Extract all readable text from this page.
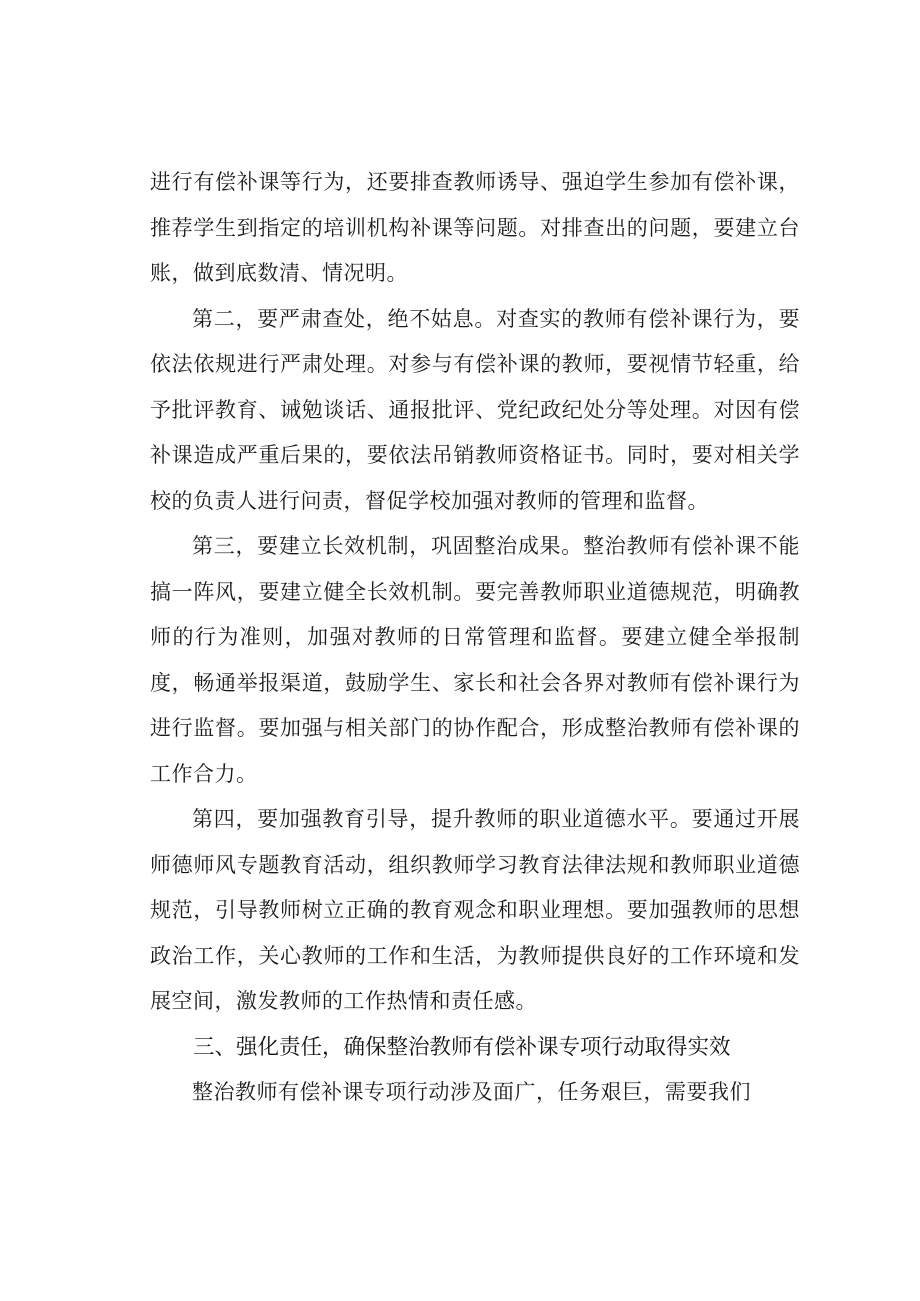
进行有偿补课等行为，还要排查教师诱导、强迫学生参加有偿补课，推荐学生到指定的培训机构补课等问题。对排查出的问题，要建立台账，做到底数清、情况明。

第二，要严肃查处，绝不姑息。对查实的教师有偿补课行为，要依法依规进行严肃处理。对参与有偿补课的教师，要视情节轻重，给予批评教育、诫勉谈话、通报批评、党纪政纪处分等处理。对因有偿补课造成严重后果的，要依法吊销教师资格证书。同时，要对相关学校的负责人进行问责，督促学校加强对教师的管理和监督。

第三，要建立长效机制，巩固整治成果。整治教师有偿补课不能搞一阵风，要建立健全长效机制。要完善教师职业道德规范，明确教师的行为准则，加强对教师的日常管理和监督。要建立健全举报制度，畅通举报渠道，鼓励学生、家长和社会各界对教师有偿补课行为进行监督。要加强与相关部门的协作配合，形成整治教师有偿补课的工作合力。

第四，要加强教育引导，提升教师的职业道德水平。要通过开展师德师风专题教育活动，组织教师学习教育法律法规和教师职业道德规范，引导教师树立正确的教育观念和职业理想。要加强教师的思想政治工作，关心教师的工作和生活，为教师提供良好的工作环境和发展空间，激发教师的工作热情和责任感。

三、强化责任，确保整治教师有偿补课专项行动取得实效

整治教师有偿补课专项行动涉及面广，任务艰巨，需要我们
